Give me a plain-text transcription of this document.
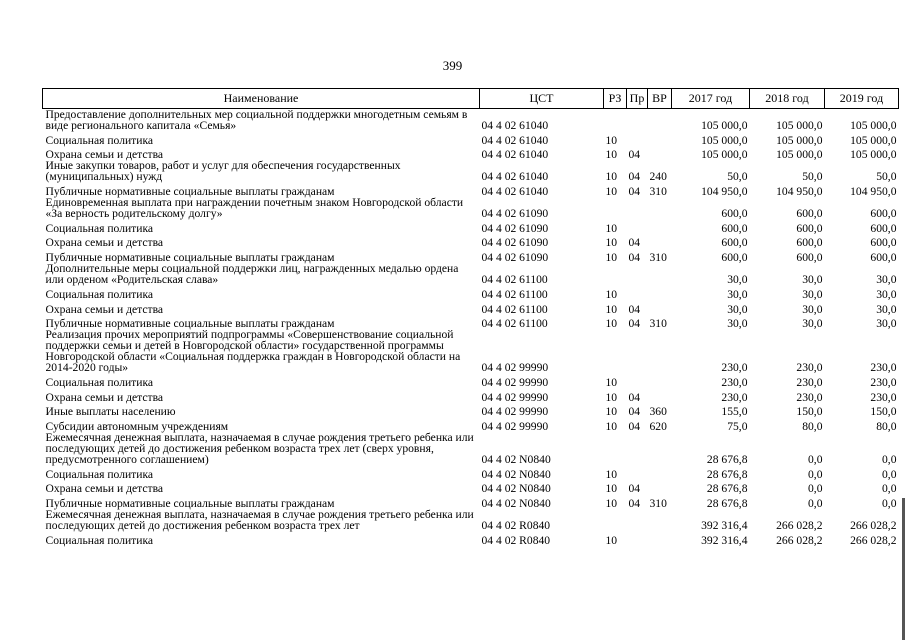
399
Наименование	ЦСТ	РЗ	Пр	ВР	2017 год	2018 год	2019 год
Предоставление дополнительных мер социальной поддержки многодетным семьям в виде регионального капитала «Семья»	04 4 02 61040				105 000,0	105 000,0	105 000,0
Социальная политика	04 4 02 61040	10			105 000,0	105 000,0	105 000,0
Охрана семьи и детства	04 4 02 61040	10	04		105 000,0	105 000,0	105 000,0
Иные закупки товаров, работ и услуг для обеспечения государственных (муниципальных) нужд	04 4 02 61040	10	04	240	50,0	50,0	50,0
Публичные нормативные социальные выплаты гражданам	04 4 02 61040	10	04	310	104 950,0	104 950,0	104 950,0
Единовременная выплата при награждении почетным знаком Новгородской области «За верность родительскому долгу»	04 4 02 61090				600,0	600,0	600,0
Социальная политика	04 4 02 61090	10			600,0	600,0	600,0
Охрана семьи и детства	04 4 02 61090	10	04		600,0	600,0	600,0
Публичные нормативные социальные выплаты гражданам	04 4 02 61090	10	04	310	600,0	600,0	600,0
Дополнительные меры социальной поддержки лиц, награжденных медалью ордена или орденом «Родительская слава»	04 4 02 61100				30,0	30,0	30,0
Социальная политика	04 4 02 61100	10			30,0	30,0	30,0
Охрана семьи и детства	04 4 02 61100	10	04		30,0	30,0	30,0
Публичные нормативные социальные выплаты гражданам	04 4 02 61100	10	04	310	30,0	30,0	30,0
Реализация прочих мероприятий подпрограммы «Совершенствование социальной поддержки семьи и детей в Новгородской области» государственной программы Новгородской области «Социальная поддержка граждан в Новгородской области на 2014-2020 годы»	04 4 02 99990				230,0	230,0	230,0
Социальная политика	04 4 02 99990	10			230,0	230,0	230,0
Охрана семьи и детства	04 4 02 99990	10	04		230,0	230,0	230,0
Иные выплаты населению	04 4 02 99990	10	04	360	155,0	150,0	150,0
Субсидии автономным учреждениям	04 4 02 99990	10	04	620	75,0	80,0	80,0
Ежемесячная денежная выплата, назначаемая в случае рождения третьего ребенка или последующих детей до достижения ребенком возраста трех лет (сверх уровня, предусмотренного соглашением)	04 4 02 N0840				28 676,8	0,0	0,0
Социальная политика	04 4 02 N0840	10			28 676,8	0,0	0,0
Охрана семьи и детства	04 4 02 N0840	10	04		28 676,8	0,0	0,0
Публичные нормативные социальные выплаты гражданам	04 4 02 N0840	10	04	310	28 676,8	0,0	0,0
Ежемесячная денежная выплата, назначаемая в случае рождения третьего ребенка или последующих детей до достижения ребенком возраста трех лет	04 4 02 R0840				392 316,4	266 028,2	266 028,2
Социальная политика	04 4 02 R0840	10			392 316,4	266 028,2	266 028,2
